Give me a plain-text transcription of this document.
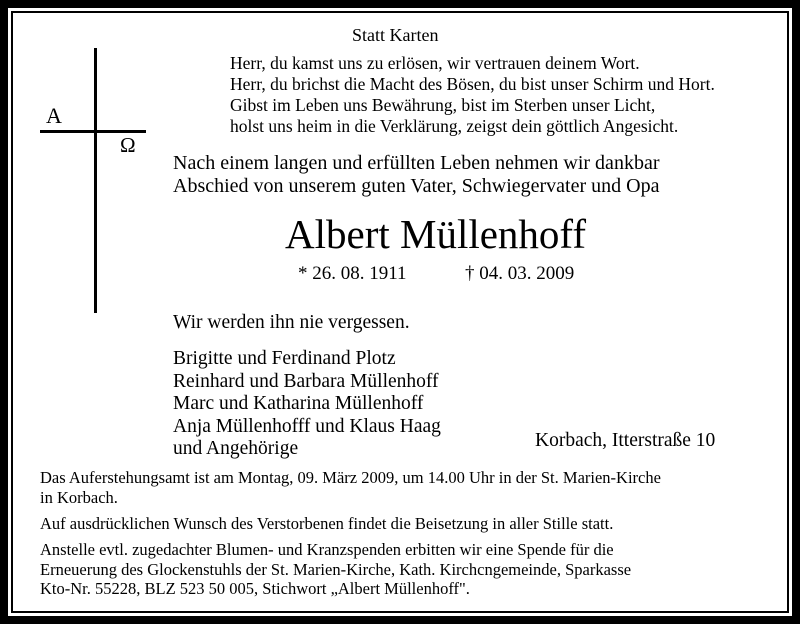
Statt Karten
A
Ω
Herr, du kamst uns zu erlösen, wir vertrauen deinem Wort.
Herr, du brichst die Macht des Bösen, du bist unser Schirm und Hort.
Gibst im Leben uns Bewährung, bist im Sterben unser Licht,
holst uns heim in die Verklärung, zeigst dein göttlich Angesicht.
Nach einem langen und erfüllten Leben nehmen wir dankbar
Abschied von unserem guten Vater, Schwiegervater und Opa
Albert Müllenhoff
* 26. 08. 1911	† 04. 03. 2009
Wir werden ihn nie vergessen.
Brigitte und Ferdinand Plotz
Reinhard und Barbara Müllenhoff
Marc und Katharina Müllenhoff
Anja Müllenhofff und Klaus Haag
und Angehörige	Korbach, Itterstraße 10
Das Auferstehungsamt ist am Montag, 09. März 2009, um 14.00 Uhr in der St. Marien-Kirche
in Korbach.
Auf ausdrücklichen Wunsch des Verstorbenen findet die Beisetzung in aller Stille statt.
Anstelle evtl. zugedachter Blumen- und Kranzspenden erbitten wir eine Spende für die
Erneuerung des Glockenstuhls der St. Marien-Kirche, Kath. Kirchcngemeinde, Sparkasse
Kto-Nr. 55228, BLZ 523 50 005, Stichwort „Albert Müllenhoff".
